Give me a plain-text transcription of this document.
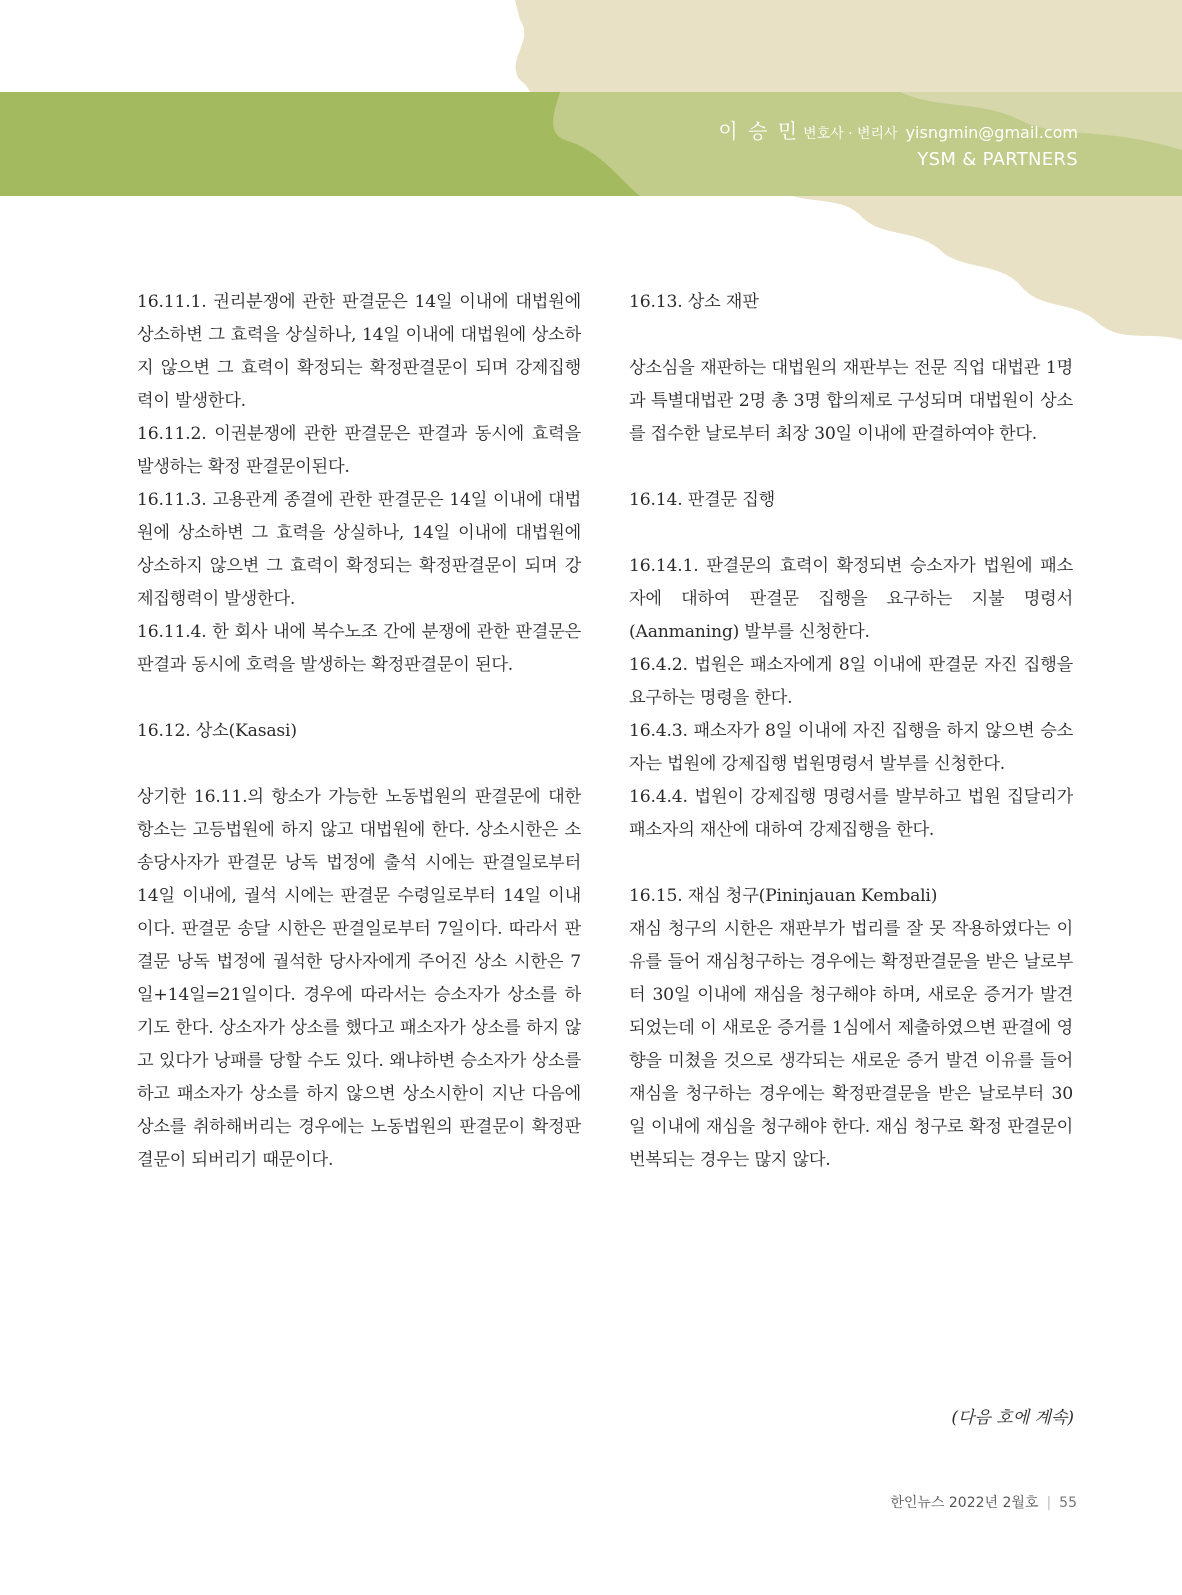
이 승 민 변호사 · 변리사 yisngmin@gmail.com
YSM & PARTNERS

16.11.1. 권리분쟁에 관한 판결문은 14일 이내에 대법원에 상소하변 그 효력을 상실하나, 14일 이내에 대법원에 상소하지 않으변 그 효력이 확정되는 확정판결문이 되며 강제집행력이 발생한다.

16.11.2. 이권분쟁에 관한 판결문은 판결과 동시에 효력을 발생하는 확정 판결문이된다.

16.11.3. 고용관계 종결에 관한 판결문은 14일 이내에 대법원에 상소하변 그 효력을 상실하나, 14일 이내에 대법원에 상소하지 않으변 그 효력이 확정되는 확정판결문이 되며 강제집행력이 발생한다.

16.11.4. 한 회사 내에 복수노조 간에 분쟁에 관한 판결문은 판결과 동시에 호력을 발생하는 확정판결문이 된다.

16.12. 상소(Kasasi)

상기한 16.11.의 항소가 가능한 노동법원의 판결문에 대한 항소는 고등법원에 하지 않고 대법원에 한다. 상소시한은 소송당사자가 판결문 낭독 법정에 출석 시에는 판결일로부터 14일 이내에, 궐석 시에는 판결문 수령일로부터 14일 이내이다. 판결문 송달 시한은 판결일로부터 7일이다. 따라서 판결문 낭독 법정에 궐석한 당사자에게 주어진 상소 시한은 7일+14일=21일이다. 경우에 따라서는 승소자가 상소를 하기도 한다. 상소자가 상소를 했다고 패소자가 상소를 하지 않고 있다가 낭패를 당할 수도 있다. 왜냐하변 승소자가 상소를 하고 패소자가 상소를 하지 않으변 상소시한이 지난 다음에 상소를 취하해버리는 경우에는 노동법원의 판결문이 확정판결문이 되버리기 때문이다.

16.13. 상소 재판

상소심을 재판하는 대법원의 재판부는 전문 직업 대법관 1명 과 특별대법관 2명 총 3명 합의제로 구성되며 대법원이 상소를 접수한 날로부터 최장 30일 이내에 판결하여야 한다.

16.14. 판결문 집행

16.14.1. 판결문의 효력이 확정되변 승소자가 법원에 패소자에 대하여 판결문 집행을 요구하는 지불 명령서(Aanmaning) 발부를 신청한다.

16.4.2. 법원은 패소자에게 8일 이내에 판결문 자진 집행을 요구하는 명령을 한다.

16.4.3. 패소자가 8일 이내에 자진 집행을 하지 않으변 승소자는 법원에 강제집행 법원명령서 발부를 신청한다.

16.4.4. 법원이 강제집행 명령서를 발부하고 법원 집달리가 패소자의 재산에 대하여 강제집행을 한다.

16.15. 재심 청구(Pininjauan Kembali)

재심 청구의 시한은 재판부가 법리를 잘 못 작용하였다는 이유를 들어 재심청구하는 경우에는 확정판결문을 받은 날로부터 30일 이내에 재심을 청구해야 하며, 새로운 증거가 발견되었는데 이 새로운 증거를 1심에서 제출하였으변 판결에 영향을 미쳤을 것으로 생각되는 새로운 증거 발견 이유를 들어 재심을 청구하는 경우에는 확정판결문을 받은 날로부터 30일 이내에 재심을 청구해야 한다. 재심 청구로 확정 판결문이 번복되는 경우는 많지 않다.

(다음 호에 계속)
한인뉴스 2022년 2월호 | 55
